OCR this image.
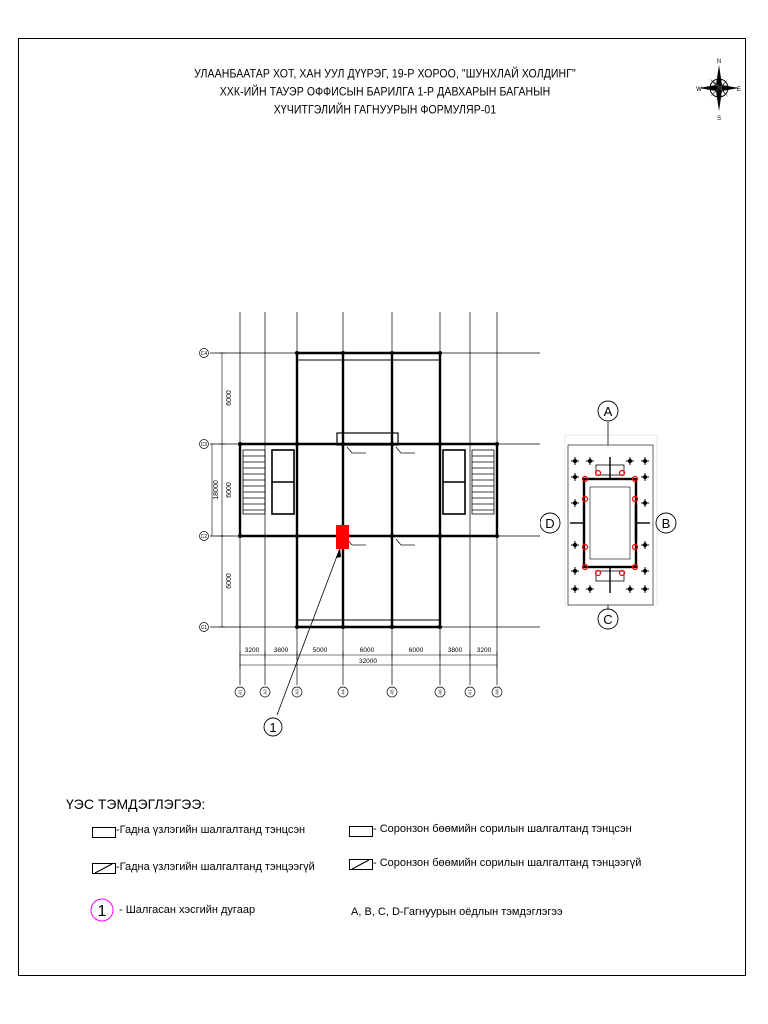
УЛААНБААТАР ХОТ, ХАН УУЛ ДҮҮРЭГ, 19-Р ХОРОО, "ШУНХЛАЙ ХОЛДИНГ"
ХХК-ИЙН ТАУЭР ОФФИСЫН БАРИЛГА 1-Р ДАВХАРЫН БАГАНЫН
ХҮЧИТГЭЛИЙН ГАГНУУРЫН ФОРМУЛЯР-01
N
E
S
W
1
C4
C3
C2
C1
6000
6000
6000
18000
3200 3800	5000	6000	6000	3800 3200
32000
A1	A2	A3	A4	A5	A6	A7	A8
A
C
D	B
ҮЭС ТЭМДЭГЛЭГЭЭ:
-Гадна үзлэгийн шалгалтанд тэнцсэн	- Соронзон бөөмийн сорилын шалгалтанд тэнцсэн
-Гадна үзлэгийн шалгалтанд тэнцээгүй	- Соронзон бөөмийн сорилын шалгалтанд тэнцээгүй
1 - Шалгасан хэсгийн дугаар	A, B, C, D-Гагнуурын оёдлын тэмдэглэгээ
